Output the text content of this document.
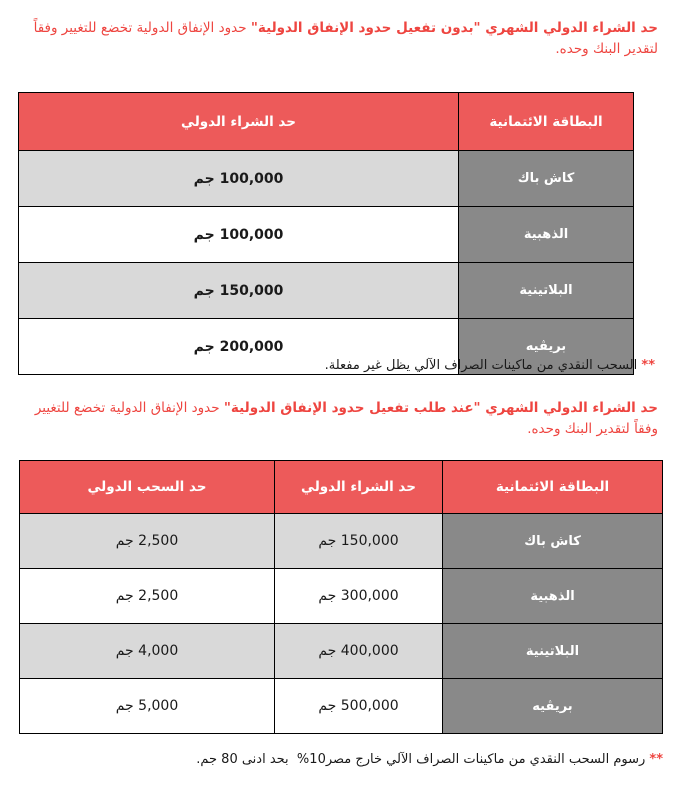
حد الشراء الدولي الشهري "بدون تفعيل حدود الإنفاق الدولية" حدود الإنفاق الدولية تخضع للتغيير وفقاً لتقدير البنك وحده.

البطاقة الائتمانية	حد الشراء الدولي
كاش باك	100,000 جم
الذهبية	100,000 جم
البلاتينية	150,000 جم
بريڤيه	200,000 جم

** السحب النقدي من ماكينات الصراف الآلي يظل غير مفعلة.

حد الشراء الدولي الشهري "عند طلب تفعيل حدود الإنفاق الدولية" حدود الإنفاق الدولية تخضع للتغيير وفقاً لتقدير البنك وحده.

البطاقة الائتمانية	حد الشراء الدولي	حد السحب الدولي
كاش باك	150,000 جم	2,500 جم
الذهبية	300,000 جم	2,500 جم
البلاتينية	400,000 جم	4,000 جم
بريڤيه	500,000 جم	5,000 جم

** رسوم السحب النقدي من ماكينات الصراف الآلي خارج مصر10%  بحد ادنى 80 جم.
